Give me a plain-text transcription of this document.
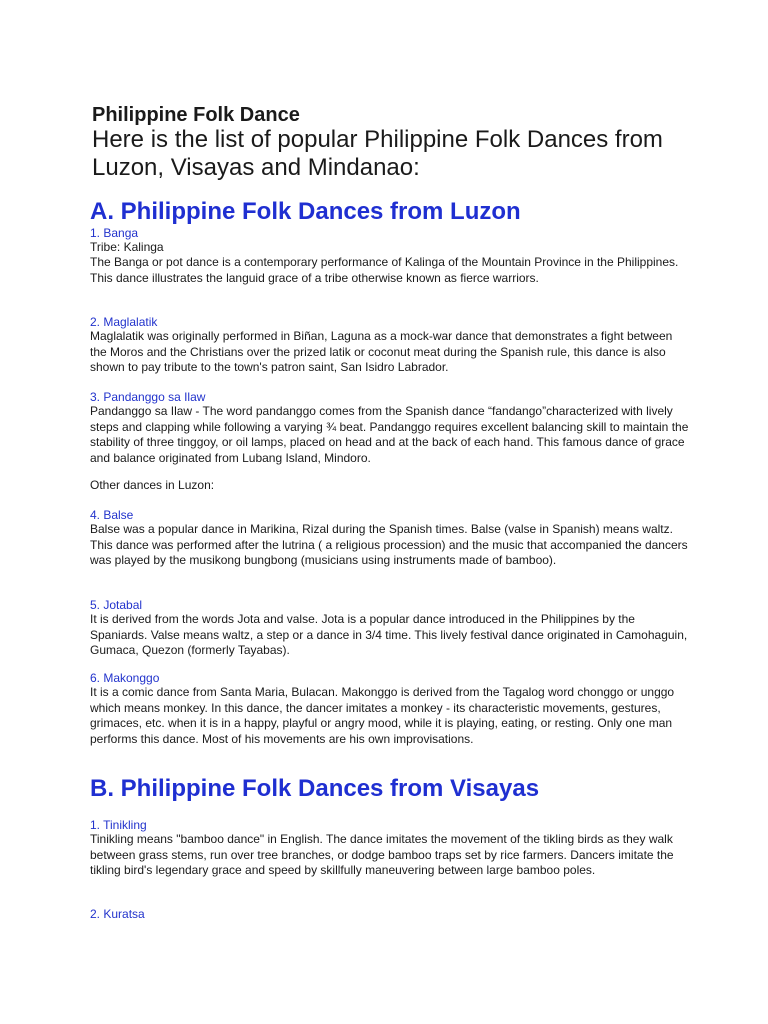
Philippine Folk Dance

Here is the list of popular Philippine Folk Dances from Luzon, Visayas and Mindanao:

A. Philippine Folk Dances from Luzon

1. Banga

Tribe: Kalinga

The Banga or pot dance is a contemporary performance of Kalinga of the Mountain Province in the Philippines. This dance illustrates the languid grace of a tribe otherwise known as fierce warriors.

2. Maglalatik

Maglalatik was originally performed in Biñan, Laguna as a mock-war dance that demonstrates a fight between the Moros and the Christians over the prized latik or coconut meat during the Spanish rule, this dance is also shown to pay tribute to the town's patron saint, San Isidro Labrador.

3. Pandanggo sa Ilaw

Pandanggo sa Ilaw - The word pandanggo comes from the Spanish dance “fandango”characterized with lively steps and clapping while following a varying ¾ beat. Pandanggo requires excellent balancing skill to maintain the stability of three tinggoy, or oil lamps, placed on head and at the back of each hand. This famous dance of grace and balance originated from Lubang Island, Mindoro.

Other dances in Luzon:

4. Balse

Balse was a popular dance in Marikina, Rizal during the Spanish times. Balse (valse in Spanish) means waltz. This dance was performed after the lutrina ( a religious procession) and the music that accompanied the dancers was played by the musikong bungbong (musicians using instruments made of bamboo).

5. Jotabal

It is derived from the words Jota and valse. Jota is a popular dance introduced in the Philippines by the Spaniards. Valse means waltz, a step or a dance in 3/4 time. This lively festival dance originated in Camohaguin, Gumaca, Quezon (formerly Tayabas).

6. Makonggo

It is a comic dance from Santa Maria, Bulacan. Makonggo is derived from the Tagalog word chonggo or unggo which means monkey. In this dance, the dancer imitates a monkey - its characteristic movements, gestures, grimaces, etc. when it is in a happy, playful or angry mood, while it is playing, eating, or resting. Only one man performs this dance. Most of his movements are his own improvisations.

B. Philippine Folk Dances from Visayas

1. Tinikling

Tinikling means "bamboo dance" in English. The dance imitates the movement of the tikling birds as they walk between grass stems, run over tree branches, or dodge bamboo traps set by rice farmers. Dancers imitate the tikling bird's legendary grace and speed by skillfully maneuvering between large bamboo poles.

2. Kuratsa
